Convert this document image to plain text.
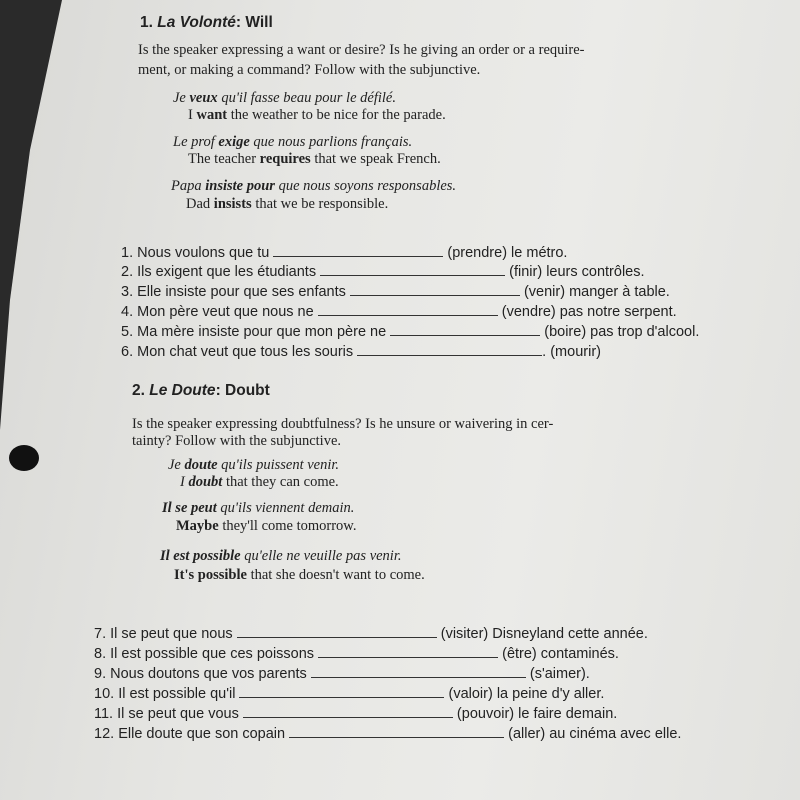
1. La Volonté: Will
Is the speaker expressing a want or desire? Is he giving an order or a require-
ment, or making a command? Follow with the subjunctive.
Je veux qu'il fasse beau pour le défilé.
I want the weather to be nice for the parade.
Le prof exige que nous parlions français.
The teacher requires that we speak French.
Papa insiste pour que nous soyons responsables.
Dad insists that we be responsible.
1. Nous voulons que tu	(prendre) le métro.
2. Ils exigent que les étudiants	(finir) leurs contrôles.
3. Elle insiste pour que ses enfants	(venir) manger à table.
4. Mon père veut que nous ne	(vendre) pas notre serpent.
5. Ma mère insiste pour que mon père ne	(boire) pas trop d'alcool.
6. Mon chat veut que tous les souris	. (mourir)
2. Le Doute: Doubt
Is the speaker expressing doubtfulness? Is he unsure or waivering in cer-
tainty? Follow with the subjunctive.
Je doute qu'ils puissent venir.
I doubt that they can come.
Il se peut qu'ils viennent demain.
Maybe they'll come tomorrow.
Il est possible qu'elle ne veuille pas venir.
It's possible that she doesn't want to come.
7. Il se peut que nous	(visiter) Disneyland cette année.
8. Il est possible que ces poissons	(être) contaminés.
9. Nous doutons que vos parents	(s'aimer).
10. Il est possible qu'il	(valoir) la peine d'y aller.
11. Il se peut que vous	(pouvoir) le faire demain.
12. Elle doute que son copain	(aller) au cinéma avec elle.
